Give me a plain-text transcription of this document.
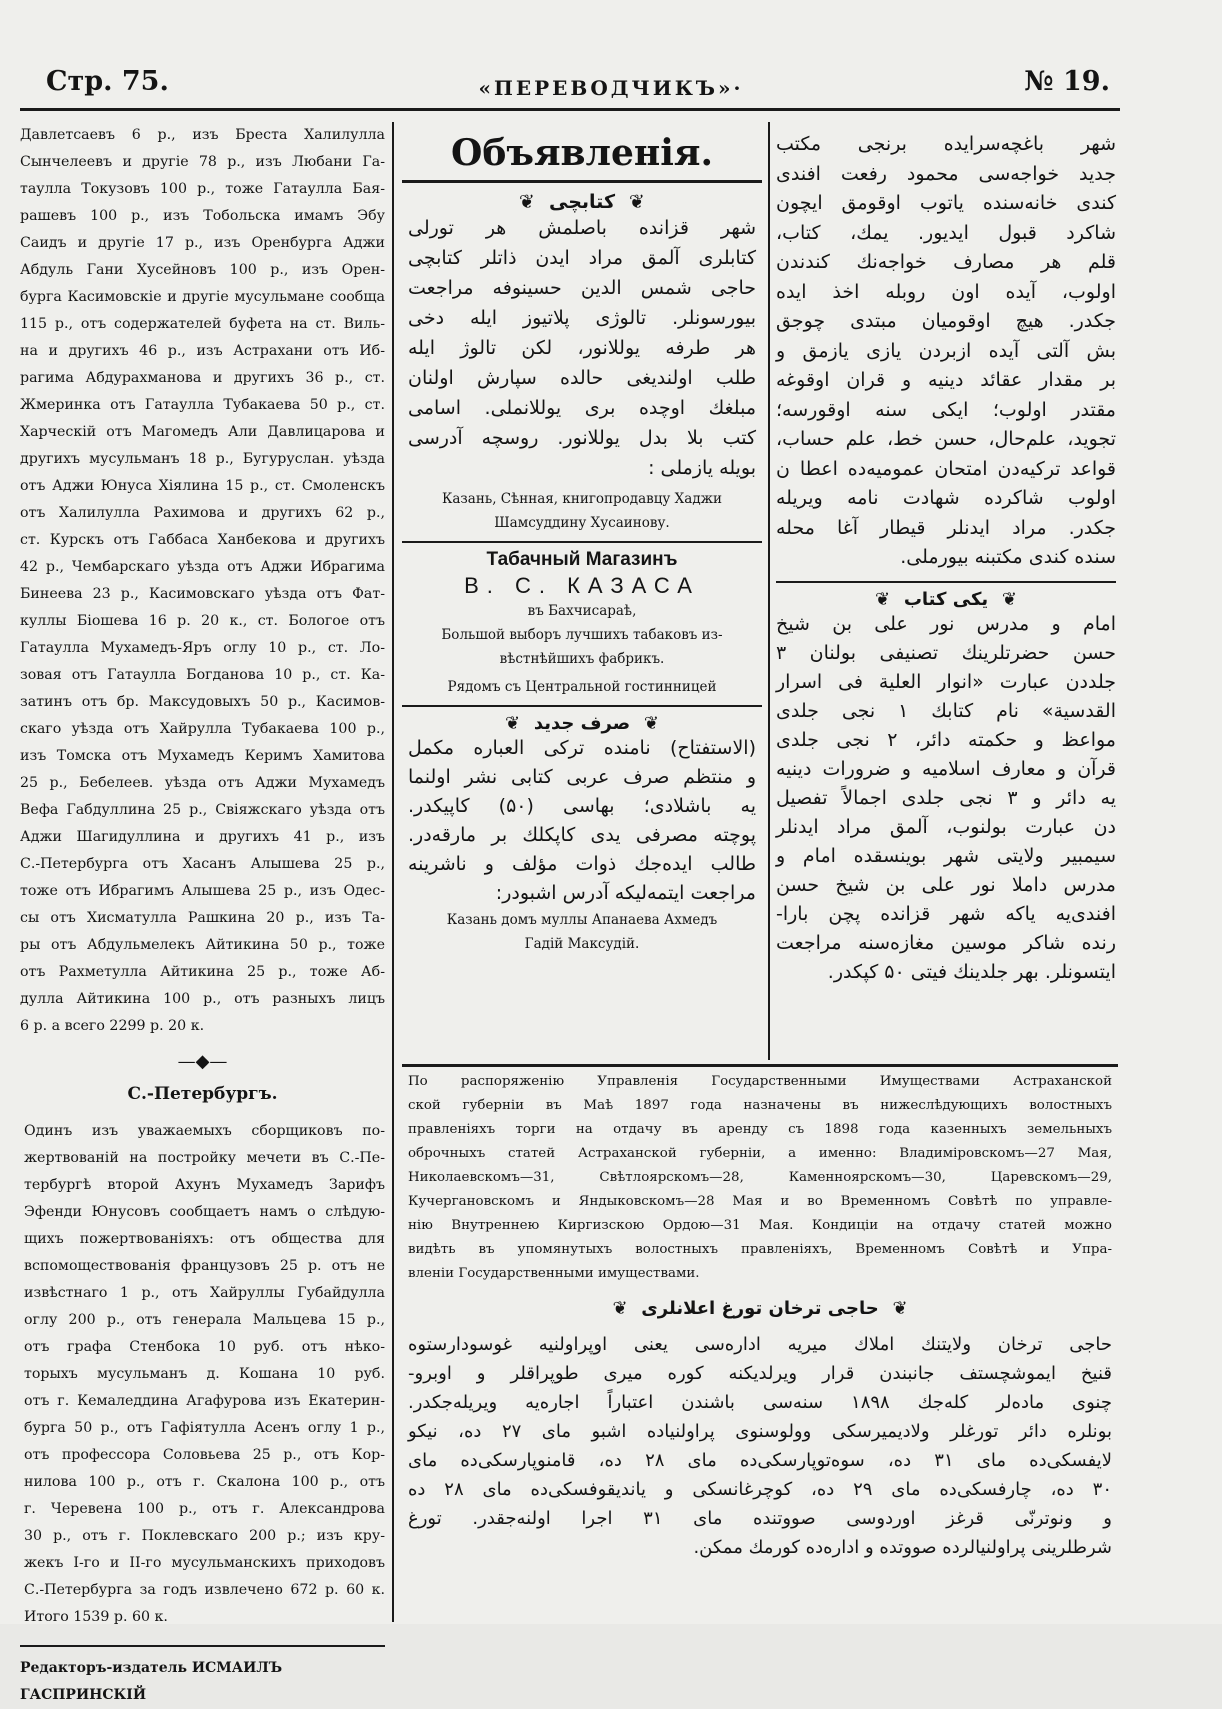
Стр. 75.	«ПЕРЕВОДЧИКЪ»·	№ 19.

Давлетсаевъ 6 р., изъ Бреста Халилулла

Сынчелеевъ и другіе 78 р., изъ Любани Га-

таулла Токузовъ 100 р., тоже Гатаулла Бая-

рашевъ 100 р., изъ Тобольска имамъ Эбу

Саидъ и другіе 17 р., изъ Оренбурга Аджи

Абдуль Гани Хусейновъ 100 р., изъ Орен-

бурга Касимовскіе и другіе мусульмане сообща

115 р., отъ содержателей буфета на ст. Виль-

на и другихъ 46 р., изъ Астрахани отъ Иб-

рагима Абдурахманова и другихъ 36 р., ст.

Жмеринка отъ Гатаулла Тубакаева 50 р., ст.

Харческій отъ Магомедъ Али Давлицарова и

другихъ мусульманъ 18 р., Бугуруслан. уѣзда

отъ Аджи Юнуса Хіялина 15 р., ст. Смоленскъ

отъ Халилулла Рахимова и другихъ 62 р.,

ст. Курскъ отъ Габбаса Ханбекова и другихъ

42 р., Чембарскаго уѣзда отъ Аджи Ибрагима

Бинеева 23 р., Касимовскаго уѣзда отъ Фат-

куллы Біошева 16 р. 20 к., ст. Бологое отъ

Гатаулла Мухамедъ-Яръ оглу 10 р., ст. Ло-

зовая отъ Гатаулла Богданова 10 р., ст. Ка-

затинъ отъ бр. Максудовыхъ 50 р., Касимов-

скаго уѣзда отъ Хайрулла Тубакаева 100 р.,

изъ Томска отъ Мухамедъ Керимъ Хамитова

25 р., Бебелеев. уѣзда отъ Аджи Мухамедъ

Вефа Габдуллина 25 р., Свіяжскаго уѣзда отъ

Аджи Шагидуллина и другихъ 41 р., изъ

С.-Петербурга отъ Хасанъ Алышева 25 р.,

тоже отъ Ибрагимъ Алышева 25 р., изъ Одес-

сы отъ Хисматулла Рашкина 20 р., изъ Та-

ры отъ Абдульмелекъ Айтикина 50 р., тоже

отъ Рахметулла Айтикина 25 р., тоже Аб-

дулла Айтикина 100 р., отъ разныхъ лицъ

6 р. а всего 2299 р. 20 к.

—◆—
С.-Петербургъ.

Одинъ изъ уважаемыхъ сборщиковъ по-

жертвованій на постройку мечети въ С.-Пе-

тербургѣ второй Ахунъ Мухамедъ Зарифъ

Эфенди Юнусовъ сообщаетъ намъ о слѣдую-

щихъ пожертвованіяхъ: отъ общества для

вспомоществованія французовъ 25 р. отъ не

извѣстнаго 1 р., отъ Хайруллы Губайдулла

оглу 200 р., отъ генерала Мальцева 15 р.,

отъ графа Стенбока 10 руб. отъ нѣко-

торыхъ мусульманъ д. Кошана 10 руб.

отъ г. Кемаледдина Агафурова изъ Екатерин-

бурга 50 р., отъ Гафіятулла Асенъ оглу 1 р.,

отъ профессора Соловьева 25 р., отъ Кор-

нилова 100 р., отъ г. Скалона 100 р., отъ

г. Черевена 100 р., отъ г. Александрова

30 р., отъ г. Поклевскаго 200 р.; изъ кру-

жекъ I-го и II-го мусульманскихъ приходовъ

С.-Петербурга за годъ извлечено 672 р. 60 к.

Итого 1539 р. 60 к.

Редакторъ-издатель ИСМАИЛЪ ГАСПРИНСКІЙ
Объявленія.
❦ کتابچی ❦

شهر قزانده باصلمش هر تورلی

کتابلری آلمق مراد ایدن ذاتلر کتابچی

حاجی شمس الدین حسینوفه مراجعت

بیورسونلر. تالوژی پلاتیوز ایله دخی

هر طرفه یوللانور، لکن تالوژ ایله

طلب اولندیغی حالده سپارش اولنان

مبلغك اوچده بری یوللانملی. اسامی

کتب بلا بدل یوللانور. روسچه آدرسی

بویله یازملی :

Казань, Сѣнная, книгопродавцу Хаджи

Шамсуддину Хусаинову.

Табачный Магазинъ
В. С. КАЗАСА
въ Бахчисараѣ,

Большой выборъ лучшихъ табаковъ из-

вѣстнѣйшихъ фабрикъ.

Рядомъ съ Центральной гостинницей
❦ صرف جدید ❦

(الاستفتاح) نامنده ترکی العباره مکمل

و منتظم صرف عربی کتابی نشر اولنما

یه باشلادی؛ بهاسی (۵۰) کاپیکدر.

پوچته مصرفی یدی کاپکلك بر مارقه‌در.

طالب ایدەجك ذوات مؤلف و ناشرینه

مراجعت ایتمەلیکه آدرس اشبودر:

Казань домъ муллы Апанаева Ахмедъ

Гадій Максудій.

شهر باغچه‌سرایده برنجی مکتب

جدید خواجه‌سی محمود رفعت افندی

کندی خانه‌سنده یاتوب اوقومق ایچون

شاکرد قبول ایدیور. یمك، کتاب،

قلم هر مصارف خواجه‌نك کندندن

اولوب، آیده اون روبله اخذ ایده

جکدر. هیچ اوقومیان مبتدی چوجق

بش آلتی آیده ازبردن یازی یازمق و

بر مقدار عقائد دینیه و قران اوقوغه

مقتدر اولوب؛ ایکی سنه اوقورسه؛

تجوید، علم‌حال، حسن خط، علم حساب،

قواعد ترکیه‌دن امتحان عمومیه‌ده اعطا ن

اولوب شاکرده شهادت نامه ویریله

جکدر. مراد ایدنلر قیطار آغا محله

سنده کندی مکتبنه بیورملی.

❦ یکی کتاب ❦

امام و مدرس نور علی بن شیخ

حسن حضرتلرینك تصنیفی بولنان ۳

جلددن عبارت «انوار العلیة فی اسرار

القدسیة» نام کتابك ۱ نجی جلدی

مواعظ و حکمته دائر، ۲ نجی جلدی

قرآن و معارف اسلامیه و ضرورات دینیه

یه دائر و ۳ نجی جلدی اجمالاً تفصیل

دن عبارت بولنوب، آلمق مراد ایدنلر

سیمبیر ولایتی شهر بوینسقده امام و

مدرس داملا نور علی بن شیخ حسن

افندی‌یه یاکه شهر قزانده پچن بارا-

رنده شاکر موسین مغازەسنه مراجعت

ایتسونلر. بهر جلدینك فیتی ۵۰ کپکدر.

По распоряженію Управленія Государственными Имуществами Астраханской

ской губерніи въ Маѣ 1897 года назначены въ нижеслѣдующихъ волостныхъ

правленіяхъ торги на отдачу въ аренду съ 1898 года казенныхъ земельныхъ

оброчныхъ статей Астраханской губерніи, а именно: Владиміровскомъ—27 Мая,

Николаевскомъ—31, Свѣтлоярскомъ—28, Каменноярскомъ—30, Царевскомъ—29,

Кучергановскомъ и Яндыковскомъ—28 Мая и во Временномъ Совѣтѣ по управле-

нію Внутреннею Киргизскою Ордою—31 Мая. Кондиціи на отдачу статей можно

видѣть въ упомянутыхъ волостныхъ правленіяхъ, Временномъ Совѣтѣ и Упра-

вленіи Государственными имуществами.

❦ حاجی ترخان تورغ اعلانلری ❦

حاجی ترخان ولایتنك املاك میریه اداره‌سی یعنی اوپراولنیه غوسودارستوه

قنیخ ایموشچستف جانبندن قرار ویرلدیکنه کوره میری طوپراقلر و اوبرو-

چنوی ماده‌لر کله‌جك ۱۸۹۸ سنه‌سی باشندن اعتباراً اجاره‌یه ویریله‌جکدر.

بونلره دائر تورغلر ولادیمیرسکی وولوسنوی پراولنیاده اشبو مای ۲۷ ده، نیکو

لایفسکی‌ده مای ۳۱ ده، سوه‌توپارسکی‌ده مای ۲۸ ده، قامنوپارسکی‌ده مای

۳۰ ده، چارفسکی‌ده مای ۲۹ ده، کوچرغانسکی و یاندیقوفسکی‌ده مای ۲۸ ده

و ونوترنّی قرغز اوردوسی صووتنده مای ۳۱ اجرا اولنه‌جقدر. تورغ

شرطلرینی پراولنیالرده صووتده و اداره‌ده کورمك ممکن.
